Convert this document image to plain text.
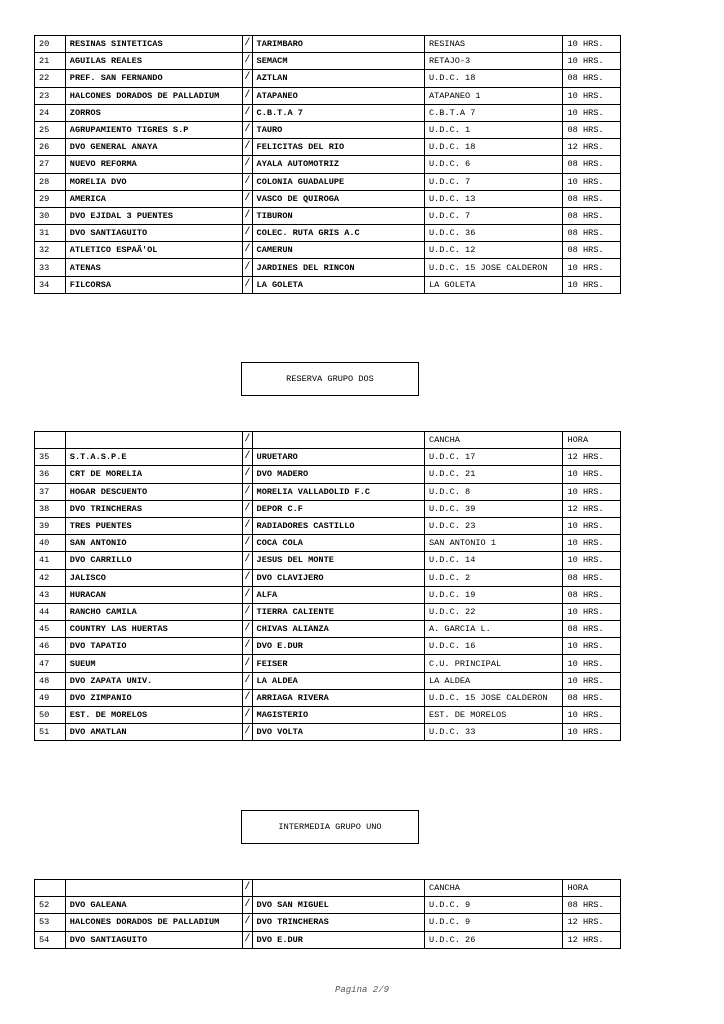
20	RESINAS SINTETICAS	/	TARIMBARO	RESINAS	10 HRS.
21	AGUILAS REALES	/	SEMACM	RETAJO-3	10 HRS.
22	PREF. SAN FERNANDO	/	AZTLAN	U.D.C. 18	08 HRS.
23	HALCONES DORADOS DE PALLADIUM	/	ATAPANEO	ATAPANEO 1	10 HRS.
24	ZORROS	/	C.B.T.A 7	C.B.T.A 7	10 HRS.
25	AGRUPAMIENTO TIGRES S.P	/	TAURO	U.D.C. 1	08 HRS.
26	DVO GENERAL ANAYA	/	FELICITAS DEL RIO	U.D.C. 18	12 HRS.
27	NUEVO REFORMA	/	AYALA AUTOMOTRIZ	U.D.C. 6	08 HRS.
28	MORELIA DVO	/	COLONIA GUADALUPE	U.D.C. 7	10 HRS.
29	AMERICA	/	VASCO DE QUIROGA	U.D.C. 13	08 HRS.
30	DVO EJIDAL 3 PUENTES	/	TIBURON	U.D.C. 7	08 HRS.
31	DVO SANTIAGUITO	/	COLEC. RUTA GRIS A.C	U.D.C. 36	08 HRS.
32	ATLETICO ESPAÃ'OL	/	CAMERUN	U.D.C. 12	08 HRS.
33	ATENAS	/	JARDINES DEL RINCON	U.D.C. 15 JOSE CALDERON	10 HRS.
34	FILCORSA	/	LA GOLETA	LA GOLETA	10 HRS.
RESERVA GRUPO DOS
		/		CANCHA	HORA
35	S.T.A.S.P.E	/	URUETARO	U.D.C. 17	12 HRS.
36	CRT DE MORELIA	/	DVO MADERO	U.D.C. 21	10 HRS.
37	HOGAR DESCUENTO	/	MORELIA VALLADOLID F.C	U.D.C. 8	10 HRS.
38	DVO TRINCHERAS	/	DEPOR C.F	U.D.C. 39	12 HRS.
39	TRES PUENTES	/	RADIADORES CASTILLO	U.D.C. 23	10 HRS.
40	SAN ANTONIO	/	COCA COLA	SAN ANTONIO 1	10 HRS.
41	DVO CARRILLO	/	JESUS DEL MONTE	U.D.C. 14	10 HRS.
42	JALISCO	/	DVO CLAVIJERO	U.D.C. 2	08 HRS.
43	HURACAN	/	ALFA	U.D.C. 19	08 HRS.
44	RANCHO CAMILA	/	TIERRA CALIENTE	U.D.C. 22	10 HRS.
45	COUNTRY LAS HUERTAS	/	CHIVAS ALIANZA	A. GARCIA L.	08 HRS.
46	DVO TAPATIO	/	DVO E.DUR	U.D.C. 16	10 HRS.
47	SUEUM	/	FEISER	C.U. PRINCIPAL	10 HRS.
48	DVO ZAPATA UNIV.	/	LA ALDEA	LA ALDEA	10 HRS.
49	DVO ZIMPANIO	/	ARRIAGA RIVERA	U.D.C. 15 JOSE CALDERON	08 HRS.
50	EST. DE MORELOS	/	MAGISTERIO	EST. DE MORELOS	10 HRS.
51	DVO AMATLAN	/	DVO VOLTA	U.D.C. 33	10 HRS.
INTERMEDIA GRUPO UNO
		/		CANCHA	HORA
52	DVO GALEANA	/	DVO SAN MIGUEL	U.D.C. 9	08 HRS.
53	HALCONES DORADOS DE PALLADIUM	/	DVO TRINCHERAS	U.D.C. 9	12 HRS.
54	DVO SANTIAGUITO	/	DVO E.DUR	U.D.C. 26	12 HRS.
Pagina 2/9
